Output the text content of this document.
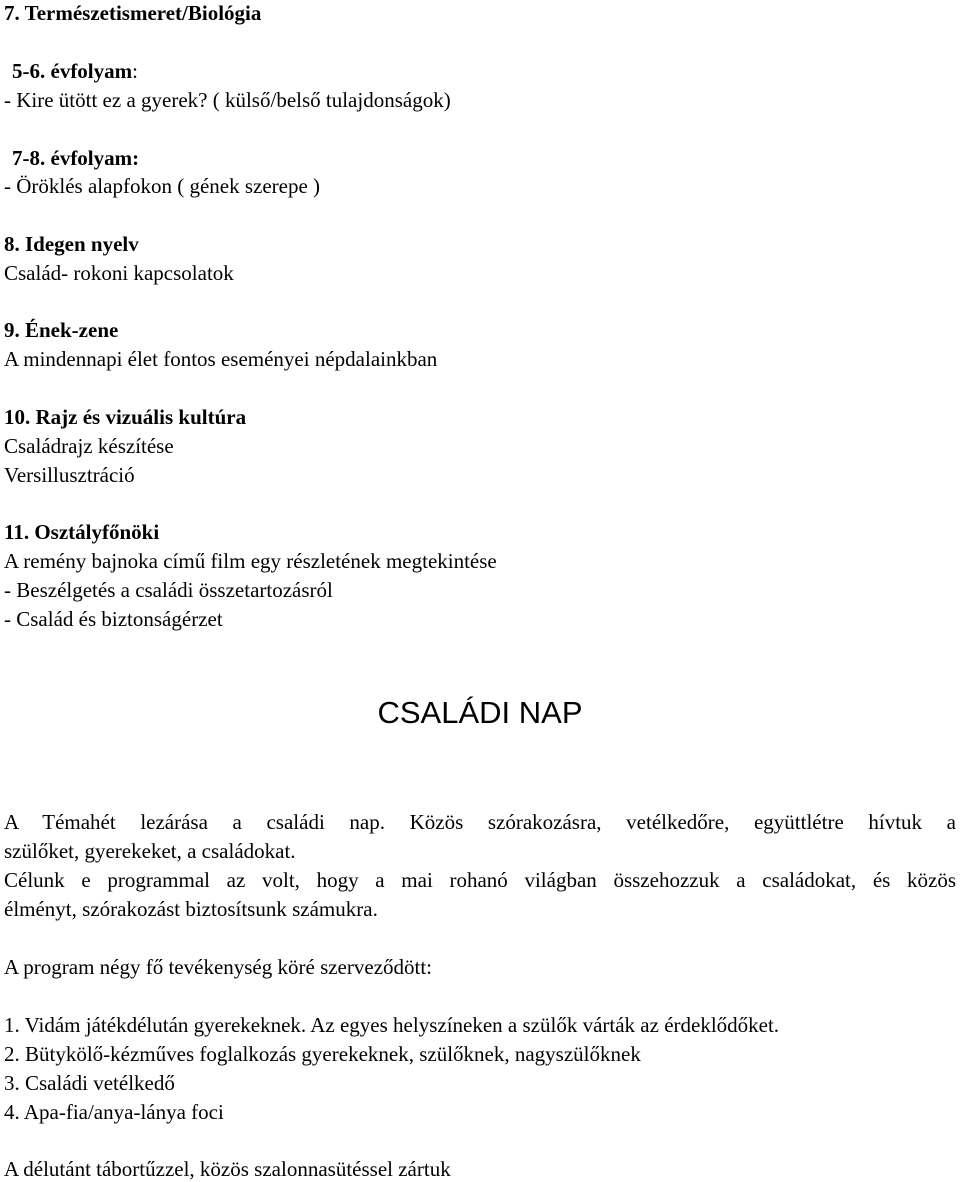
7. Természetismeret/Biológia
5-6. évfolyam:
- Kire ütött ez a gyerek? ( külső/belső tulajdonságok)
7-8. évfolyam:
- Öröklés alapfokon ( gének szerepe )
8. Idegen nyelv
Család- rokoni kapcsolatok
9. Ének-zene
A mindennapi élet fontos eseményei népdalainkban
10. Rajz és vizuális kultúra
Családrajz készítése
Versillusztráció
11. Osztályfőnöki
A remény bajnoka című film egy részletének megtekintése
- Beszélgetés a családi összetartozásról
- Család és biztonságérzet
CSALÁDI NAP
A Témahét lezárása a családi nap. Közös szórakozásra, vetélkedőre, együttlétre hívtuk a
szülőket, gyerekeket, a családokat.
Célunk e programmal az volt, hogy a mai rohanó világban összehozzuk a családokat, és közös
élményt, szórakozást biztosítsunk számukra.
A program négy fő tevékenység köré szerveződött:
1. Vidám játékdélután gyerekeknek. Az egyes helyszíneken a szülők várták az érdeklődőket.
2. Bütykölő-kézműves foglalkozás gyerekeknek, szülőknek, nagyszülőknek
3. Családi vetélkedő
4. Apa-fia/anya-lánya foci
A délutánt tábortűzzel, közös szalonnasütéssel zártuk
